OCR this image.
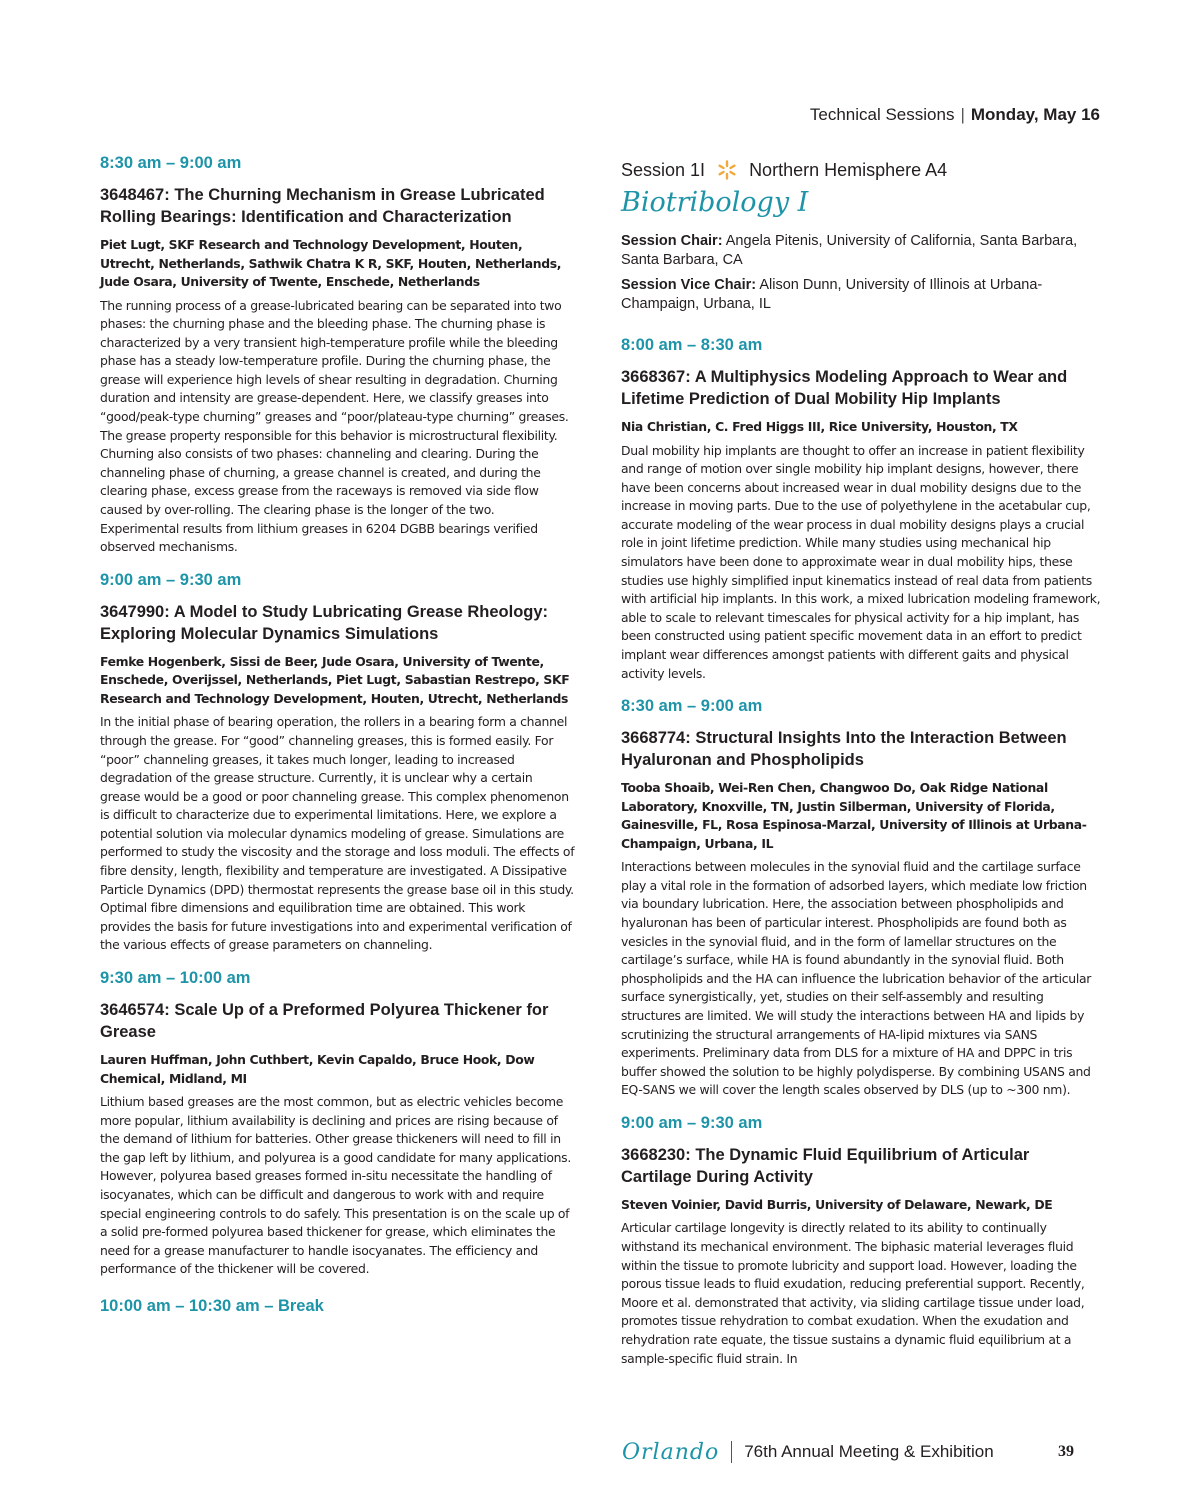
Technical Sessions | Monday, May 16
8:30 am – 9:00 am
3648467: The Churning Mechanism in Grease Lubricated Rolling Bearings: Identification and Characterization
Piet Lugt, SKF Research and Technology Development, Houten, Utrecht, Netherlands, Sathwik Chatra K R, SKF, Houten, Netherlands, Jude Osara, University of Twente, Enschede, Netherlands
The running process of a grease-lubricated bearing can be separated into two phases: the churning phase and the bleeding phase. The churning phase is characterized by a very transient high-temperature profile while the bleeding phase has a steady low-temperature profile. During the churning phase, the grease will experience high levels of shear resulting in degradation. Churning duration and intensity are grease-dependent. Here, we classify greases into “good/peak-type churning” greases and “poor/plateau-type churning” greases. The grease property responsible for this behavior is microstructural flexibility. Churning also consists of two phases: channeling and clearing. During the channeling phase of churning, a grease channel is created, and during the clearing phase, excess grease from the raceways is removed via side flow caused by over-rolling. The clearing phase is the longer of the two. Experimental results from lithium greases in 6204 DGBB bearings verified observed mechanisms.
9:00 am – 9:30 am
3647990: A Model to Study Lubricating Grease Rheology: Exploring Molecular Dynamics Simulations
Femke Hogenberk, Sissi de Beer, Jude Osara, University of Twente, Enschede, Overijssel, Netherlands, Piet Lugt, Sabastian Restrepo, SKF Research and Technology Development, Houten, Utrecht, Netherlands
In the initial phase of bearing operation, the rollers in a bearing form a channel through the grease. For “good” channeling greases, this is formed easily. For “poor” channeling greases, it takes much longer, leading to increased degradation of the grease structure. Currently, it is unclear why a certain grease would be a good or poor channeling grease. This complex phenomenon is difficult to characterize due to experimental limitations. Here, we explore a potential solution via molecular dynamics modeling of grease. Simulations are performed to study the viscosity and the storage and loss moduli. The effects of fibre density, length, flexibility and temperature are investigated. A Dissipative Particle Dynamics (DPD) thermostat represents the grease base oil in this study. Optimal fibre dimensions and equilibration time are obtained. This work provides the basis for future investigations into and experimental verification of the various effects of grease parameters on channeling.
9:30 am – 10:00 am
3646574: Scale Up of a Preformed Polyurea Thickener for Grease
Lauren Huffman, John Cuthbert, Kevin Capaldo, Bruce Hook, Dow Chemical, Midland, MI
Lithium based greases are the most common, but as electric vehicles become more popular, lithium availability is declining and prices are rising because of the demand of lithium for batteries. Other grease thickeners will need to fill in the gap left by lithium, and polyurea is a good candidate for many applications. However, polyurea based greases formed in-situ necessitate the handling of isocyanates, which can be difficult and dangerous to work with and require special engineering controls to do safely. This presentation is on the scale up of a solid pre-formed polyurea based thickener for grease, which eliminates the need for a grease manufacturer to handle isocyanates. The efficiency and performance of the thickener will be covered.
10:00 am – 10:30 am – Break
Session 1I Northern Hemisphere A4
Biotribology I
Session Chair: Angela Pitenis, University of California, Santa Barbara, Santa Barbara, CA
Session Vice Chair: Alison Dunn, University of Illinois at Urbana-Champaign, Urbana, IL
8:00 am – 8:30 am
3668367: A Multiphysics Modeling Approach to Wear and Lifetime Prediction of Dual Mobility Hip Implants
Nia Christian, C. Fred Higgs III, Rice University, Houston, TX
Dual mobility hip implants are thought to offer an increase in patient flexibility and range of motion over single mobility hip implant designs, however, there have been concerns about increased wear in dual mobility designs due to the increase in moving parts. Due to the use of polyethylene in the acetabular cup, accurate modeling of the wear process in dual mobility designs plays a crucial role in joint lifetime prediction. While many studies using mechanical hip simulators have been done to approximate wear in dual mobility hips, these studies use highly simplified input kinematics instead of real data from patients with artificial hip implants. In this work, a mixed lubrication modeling framework, able to scale to relevant timescales for physical activity for a hip implant, has been constructed using patient specific movement data in an effort to predict implant wear differences amongst patients with different gaits and physical activity levels.
8:30 am – 9:00 am
3668774: Structural Insights Into the Interaction Between Hyaluronan and Phospholipids
Tooba Shoaib, Wei-Ren Chen, Changwoo Do, Oak Ridge National Laboratory, Knoxville, TN, Justin Silberman, University of Florida, Gainesville, FL, Rosa Espinosa-Marzal, University of Illinois at Urbana-Champaign, Urbana, IL
Interactions between molecules in the synovial fluid and the cartilage surface play a vital role in the formation of adsorbed layers, which mediate low friction via boundary lubrication. Here, the association between phospholipids and hyaluronan has been of particular interest. Phospholipids are found both as vesicles in the synovial fluid, and in the form of lamellar structures on the cartilage’s surface, while HA is found abundantly in the synovial fluid. Both phospholipids and the HA can influence the lubrication behavior of the articular surface synergistically, yet, studies on their self-assembly and resulting structures are limited. We will study the interactions between HA and lipids by scrutinizing the structural arrangements of HA-lipid mixtures via SANS experiments. Preliminary data from DLS for a mixture of HA and DPPC in tris buffer showed the solution to be highly polydisperse. By combining USANS and EQ-SANS we will cover the length scales observed by DLS (up to ~300 nm).
9:00 am – 9:30 am
3668230: The Dynamic Fluid Equilibrium of Articular Cartilage During Activity
Steven Voinier, David Burris, University of Delaware, Newark, DE
Articular cartilage longevity is directly related to its ability to continually withstand its mechanical environment. The biphasic material leverages fluid within the tissue to promote lubricity and support load. However, loading the porous tissue leads to fluid exudation, reducing preferential support. Recently, Moore et al. demonstrated that activity, via sliding cartilage tissue under load, promotes tissue rehydration to combat exudation. When the exudation and rehydration rate equate, the tissue sustains a dynamic fluid equilibrium at a sample-specific fluid strain. In
Orlando 76th Annual Meeting & Exhibition	39
